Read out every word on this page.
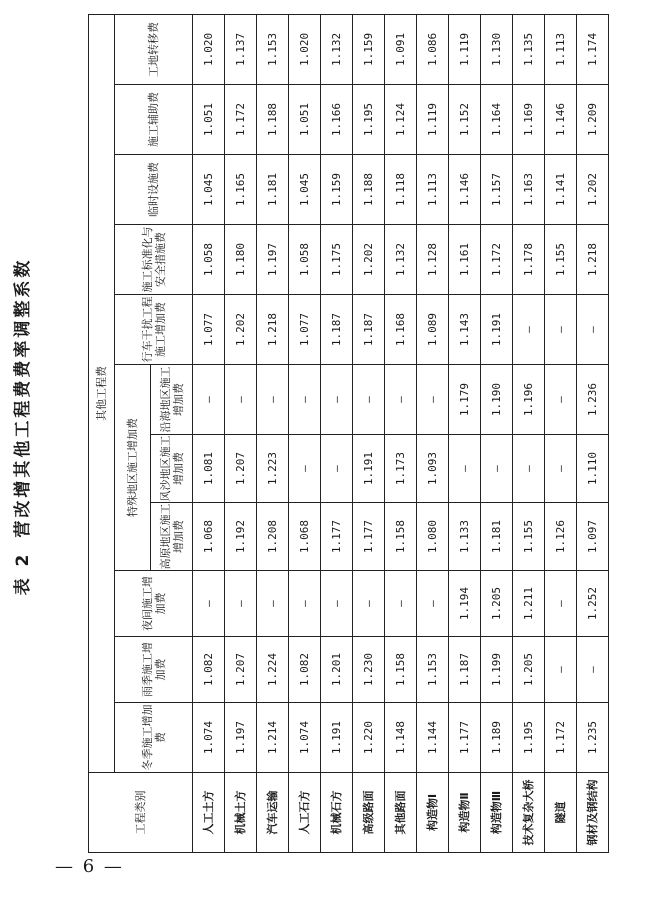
— 6 —
表 2营改增其他工程费费率调整系数
工程类别	其他工程费										
	冬季施工增加费	雨季施工增加费	夜间施工增加费	特殊地区施工增加费			行车干扰工程施工增加费	施工标准化与安全措施费	临时设施费	施工辅助费	工地转移费
				高原地区施工增加费	风沙地区施工增加费	沿海地区施工增加费					
人工土方	1.074	1.082	—	1.068	1.081	—	1.077	1.058	1.045	1.051	1.020
机械土方	1.197	1.207	—	1.192	1.207	—	1.202	1.180	1.165	1.172	1.137
汽车运输	1.214	1.224	—	1.208	1.223	—	1.218	1.197	1.181	1.188	1.153
人工石方	1.074	1.082	—	1.068	—	—	1.077	1.058	1.045	1.051	1.020
机械石方	1.191	1.201	—	1.177	—	—	1.187	1.175	1.159	1.166	1.132
高级路面	1.220	1.230	—	1.177	1.191	—	1.187	1.202	1.188	1.195	1.159
其他路面	1.148	1.158	—	1.158	1.173	—	1.168	1.132	1.118	1.124	1.091
构造物Ⅰ	1.144	1.153	—	1.080	1.093	—	1.089	1.128	1.113	1.119	1.086
构造物Ⅱ	1.177	1.187	1.194	1.133	—	1.179	1.143	1.161	1.146	1.152	1.119
构造物Ⅲ	1.189	1.199	1.205	1.181	—	1.190	1.191	1.172	1.157	1.164	1.130
技术复杂大桥	1.195	1.205	1.211	1.155	—	1.196	—	1.178	1.163	1.169	1.135
隧道	1.172	—	—	1.126	—	—	—	1.155	1.141	1.146	1.113
钢材及钢结构	1.235	—	1.252	1.097	1.110	1.236	—	1.218	1.202	1.209	1.174
